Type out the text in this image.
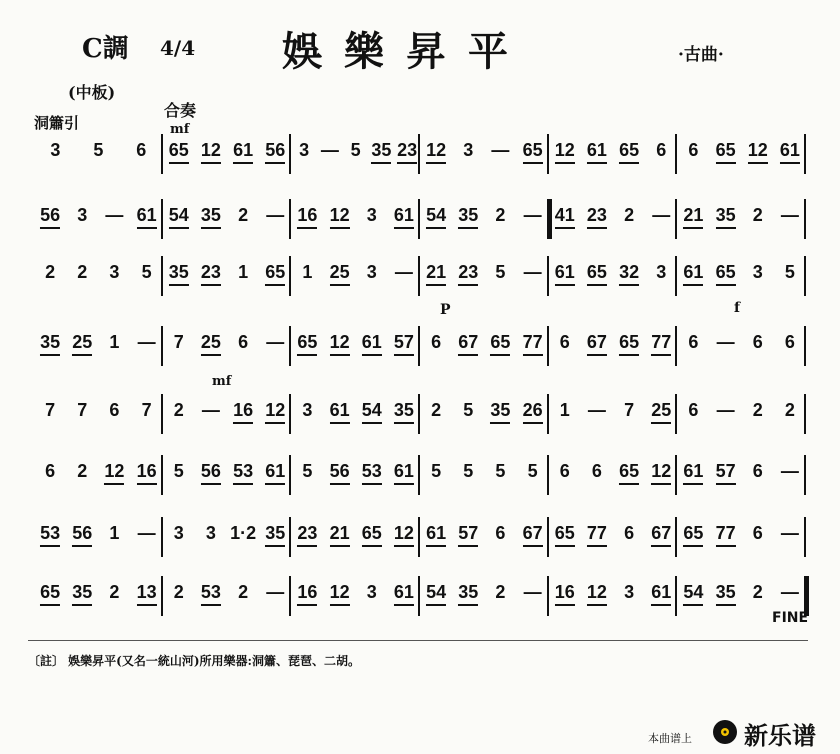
C調 4/4 娛樂昇平	·古曲·
(中板)
洞簫引
合奏
mf
P	f
mf
3 5 6 65 12 61 56 3 — 5 35 23 12 3 — 65 12 61 65 6 6 65 12 61
56 3 — 61 54 35 2 — 16 12 3 61 54 35 2 — 41 23 2 — 21 35 2 —
2 2 3 5 35 23 1 65 1 25 3 — 21 23 5 — 61 65 32 3 61 65 3 5
35 25 1 — 7 25 6 — 65 12 61 57 6 67 65 77 6 67 65 77 6 — 6 6
7 7 6 7 2 — 16 12 3 61 54 35 2 5 35 26 1 — 7 25 6 — 2 2
6 2 12 16 5 56 53 61 5 56 53 61 5 5 5 5 6 6 65 12 61 57 6 —
53 56 1 — 3 3 1·2 35 23 21 65 12 61 57 6 67 65 77 6 67 65 77 6 —
65 35 2 13 2 53 2 — 16 12 3 61 54 35 2 — 16 12 3 61 54 35 2 —
FINE
〔註〕 娛樂昇平(又名一統山河)所用樂器:洞簫、琵琶、二胡。
本曲谱上 新乐谱
